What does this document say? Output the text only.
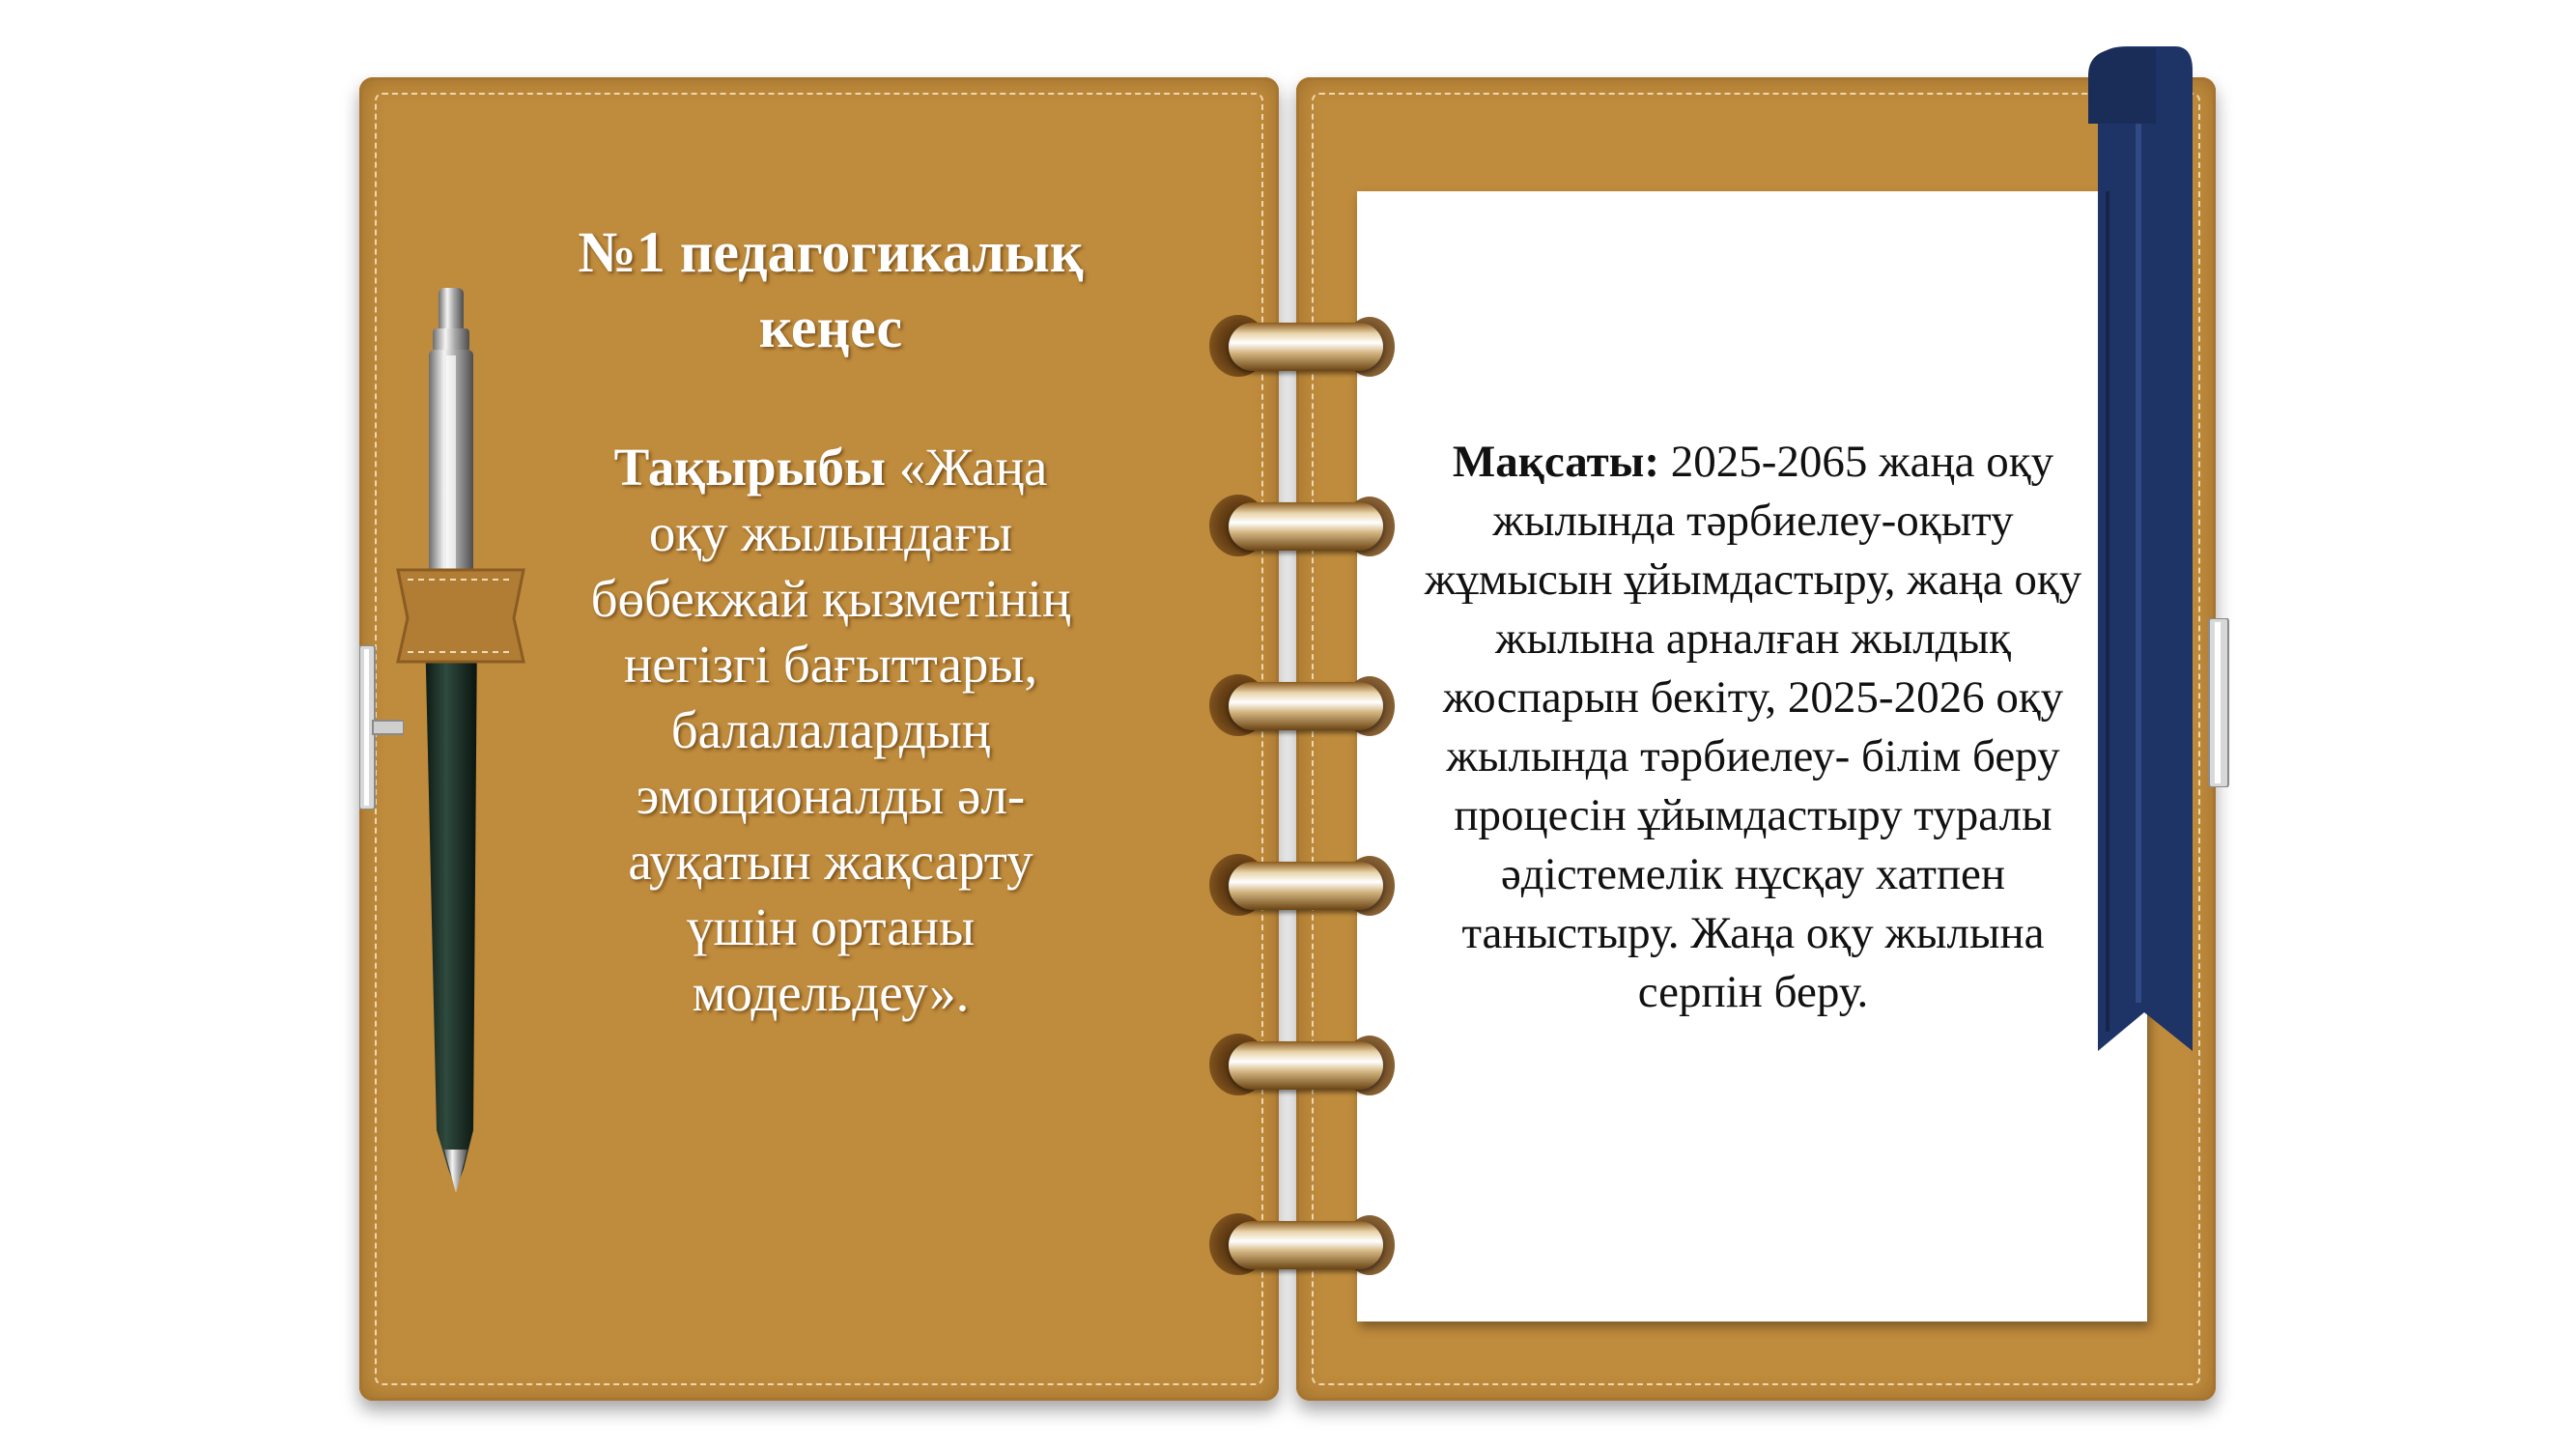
№1 педагогикалық
кеңес
Тақырыбы «Жаңа
оқу жылындағы
бөбекжай қызметінің
негізгі бағыттары,
балалалардың
эмоционалды әл-
ауқатын жақсарту
үшін ортаны
модельдеу».
Мақсаты: 2025-2065 жаңа оқу
жылында тәрбиелеу-оқыту
жұмысын ұйымдастыру, жаңа оқу
жылына арналған жылдық
жоспарын бекіту, 2025-2026 оқу
жылында тәрбиелеу- білім беру
процесін ұйымдастыру туралы
әдістемелік нұсқау хатпен
таныстыру. Жаңа оқу жылына
серпін беру.
